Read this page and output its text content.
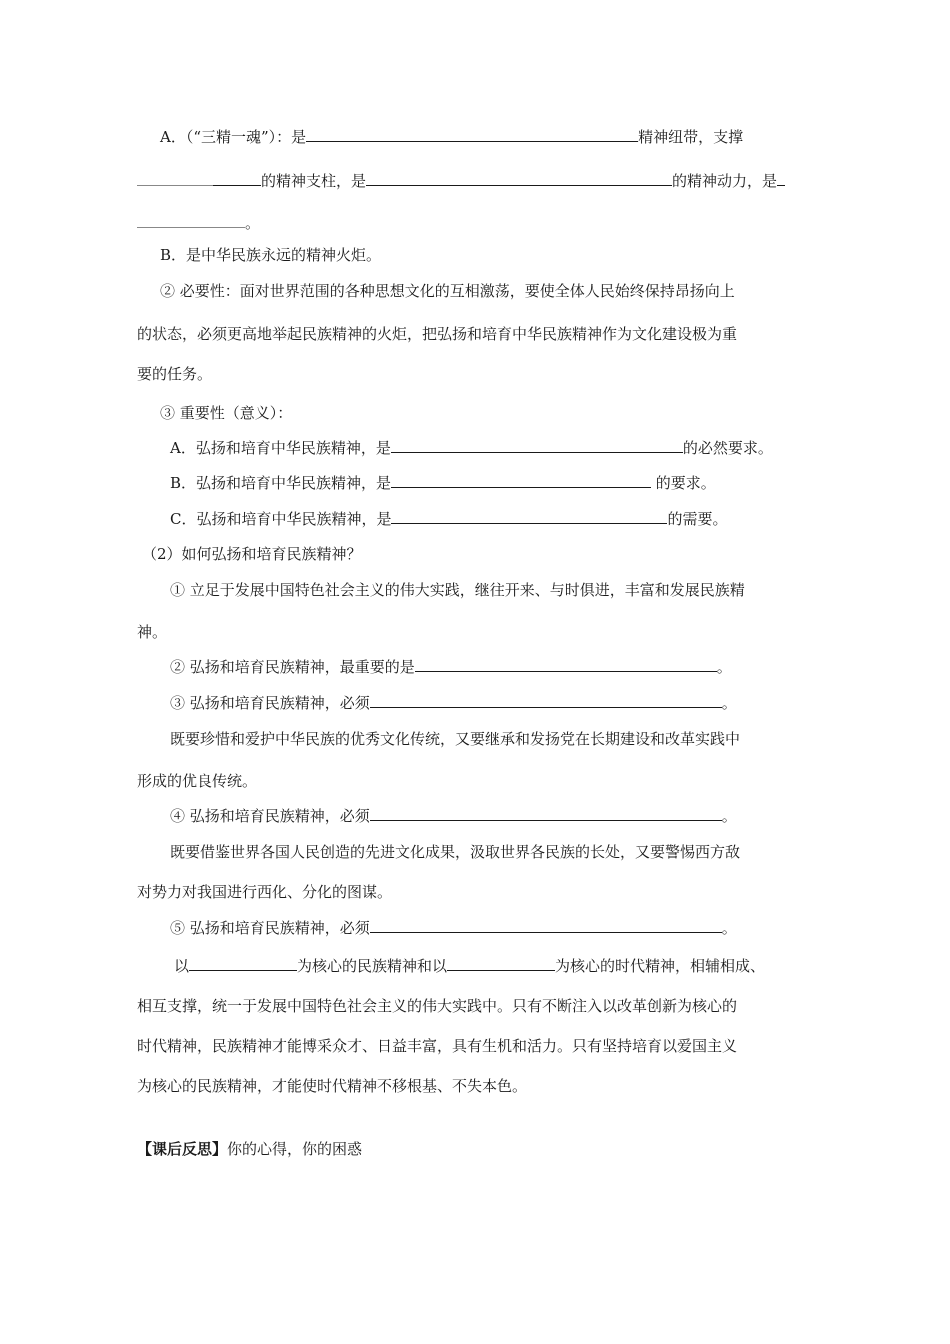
A．（“三精一魂”）：是	精神纽带，支撑
的精神支柱，是	的精神动力，是
。
B．是中华民族永远的精神火炬。
② 必要性：面对世界范围的各种思想文化的互相激荡，要使全体人民始终保持昂扬向上
的状态，必须更高地举起民族精神的火炬，把弘扬和培育中华民族精神作为文化建设极为重
要的任务。
③ 重要性（意义）：
A．弘扬和培育中华民族精神，是	的必然要求。
B．弘扬和培育中华民族精神，是	的要求。
C．弘扬和培育中华民族精神，是	的需要。
（2）如何弘扬和培育民族精神？
① 立足于发展中国特色社会主义的伟大实践，继往开来、与时俱进，丰富和发展民族精
神。
② 弘扬和培育民族精神，最重要的是	。
③ 弘扬和培育民族精神，必须	。
既要珍惜和爱护中华民族的优秀文化传统，又要继承和发扬党在长期建设和改革实践中
形成的优良传统。
④ 弘扬和培育民族精神，必须	。
既要借鉴世界各国人民创造的先进文化成果，汲取世界各民族的长处，又要警惕西方敌
对势力对我国进行西化、分化的图谋。
⑤ 弘扬和培育民族精神，必须	。
以	为核心的民族精神和以	为核心的时代精神，相辅相成、
相互支撑，统一于发展中国特色社会主义的伟大实践中。只有不断注入以改革创新为核心的
时代精神，民族精神才能博采众才、日益丰富，具有生机和活力。只有坚持培育以爱国主义
为核心的民族精神，才能使时代精神不移根基、不失本色。
【课后反思】你的心得，你的困惑
